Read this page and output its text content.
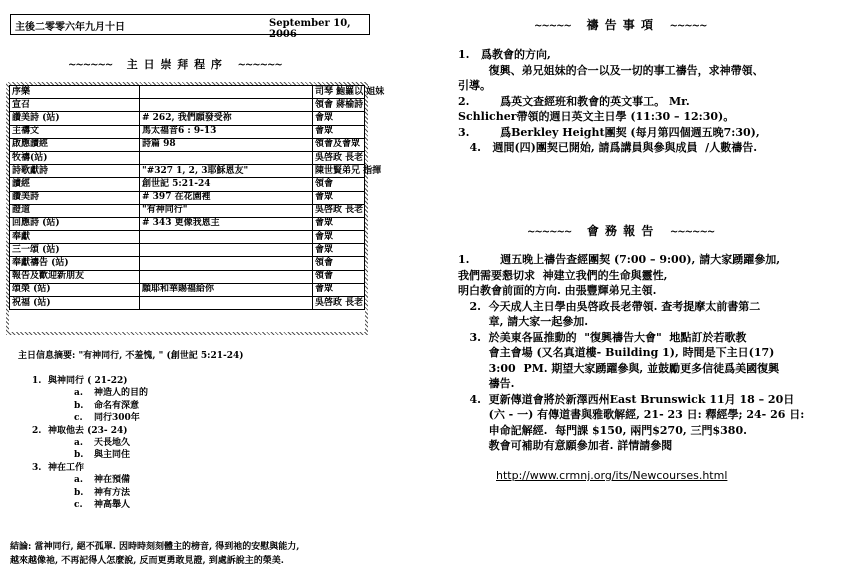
主後二零零六年九月十日	September 10, 2006
~~~~~~ 主 日 崇 拜 程 序 ~~~~~~
序樂		司琴 鮑羅以 姐妹
宣召		領會 蔣榆詩
讚美詩 (站)	# 262, 我們願發受祢	會眾
主禱文	馬太福音6 : 9-13	會眾
啟應讀經	詩篇 98	領會及會眾
牧禱(站)		吳啓政 長老
詩歌獻詩	"#327 1, 2, 3耶穌恩友"	陳世賢弟兄 指揮
讀經	創世記 5:21-24	領會
讚美詩	# 397 在花園裡	會眾
證道	"有神同行"	吳啓政 長老
回應詩 (站)	# 343 更像我恩主	會眾
奉獻		會眾
三一頌 (站)		會眾
奉獻禱告 (站)		領會
報告及歡迎新朋友		領會
頌榮 (站)	願耶和華賜福給你	會眾
祝福 (站)		吳啓政 長老
主日信息摘要: "有神同行, 不羞愧, " (創世記 5:21-24)
1. 與神同行 ( 21-22)
a. 神造人的目的
b. 命名有深意
c. 同行300年
2. 神取他去 (23- 24)
a. 天長地久
b. 與主同住
3. 神在工作
a. 神在預備
b. 神有方法
c. 神高舉人
結論: 當神同行, 絕不孤單. 因時時刻刻體主的榜音, 得到祂的安慰與能力,
越來越像祂, 不再記得人怎麼說, 反而更勇敢見證, 到處訴說主的榮美.
~~~~~ 禱 告 事 項 ~~~~~
1.   爲教會的方向,
復興、弟兄姐妹的合一以及一切的事工禱告，求神帶領、
引導。
2.        爲英文查經班和教會的英文事工。 Mr.
Schlicher帶領的週日英文主日學 (11:30 – 12:30)。
3.        爲Berkley Height團契 (每月第四個週五晚7:30),
4.   週間(四)團契已開始, 請爲講員與參與成員  /人數禱告.
~~~~~~ 會 務 報 告 ~~~~~~
1.        週五晚上禱告查經團契 (7:00 – 9:00), 請大家踴躍參加,
我們需要懇切求  神建立我們的生命與靈性,
明白教會前面的方向. 由張豐輝弟兄主領.
2.  今天成人主日學由吳啓政長老帶領. 查考提摩太前書第二
章, 請大家一起參加.
3.  於美東各區推動的  "復興禱告大會"  地點訂於若歌教
會主會場 (又名真道樓- Building 1), 時間是下主日(17)
3:00  PM. 期望大家踴躍參與, 並鼓勵更多信徒爲美國復興
禱告.
4.  更新傳道會將於新澤西州East Brunswick 11月 18 – 20日
(六 - 一) 有傳道書與雅歌解經, 21- 23 日: 釋經學; 24- 26 日:
申命記解經.  每門課 $150, 兩門$270, 三門$380.
教會可補助有意願參加者. 詳情請參閱
http://www.crmnj.org/its/Newcourses.html
